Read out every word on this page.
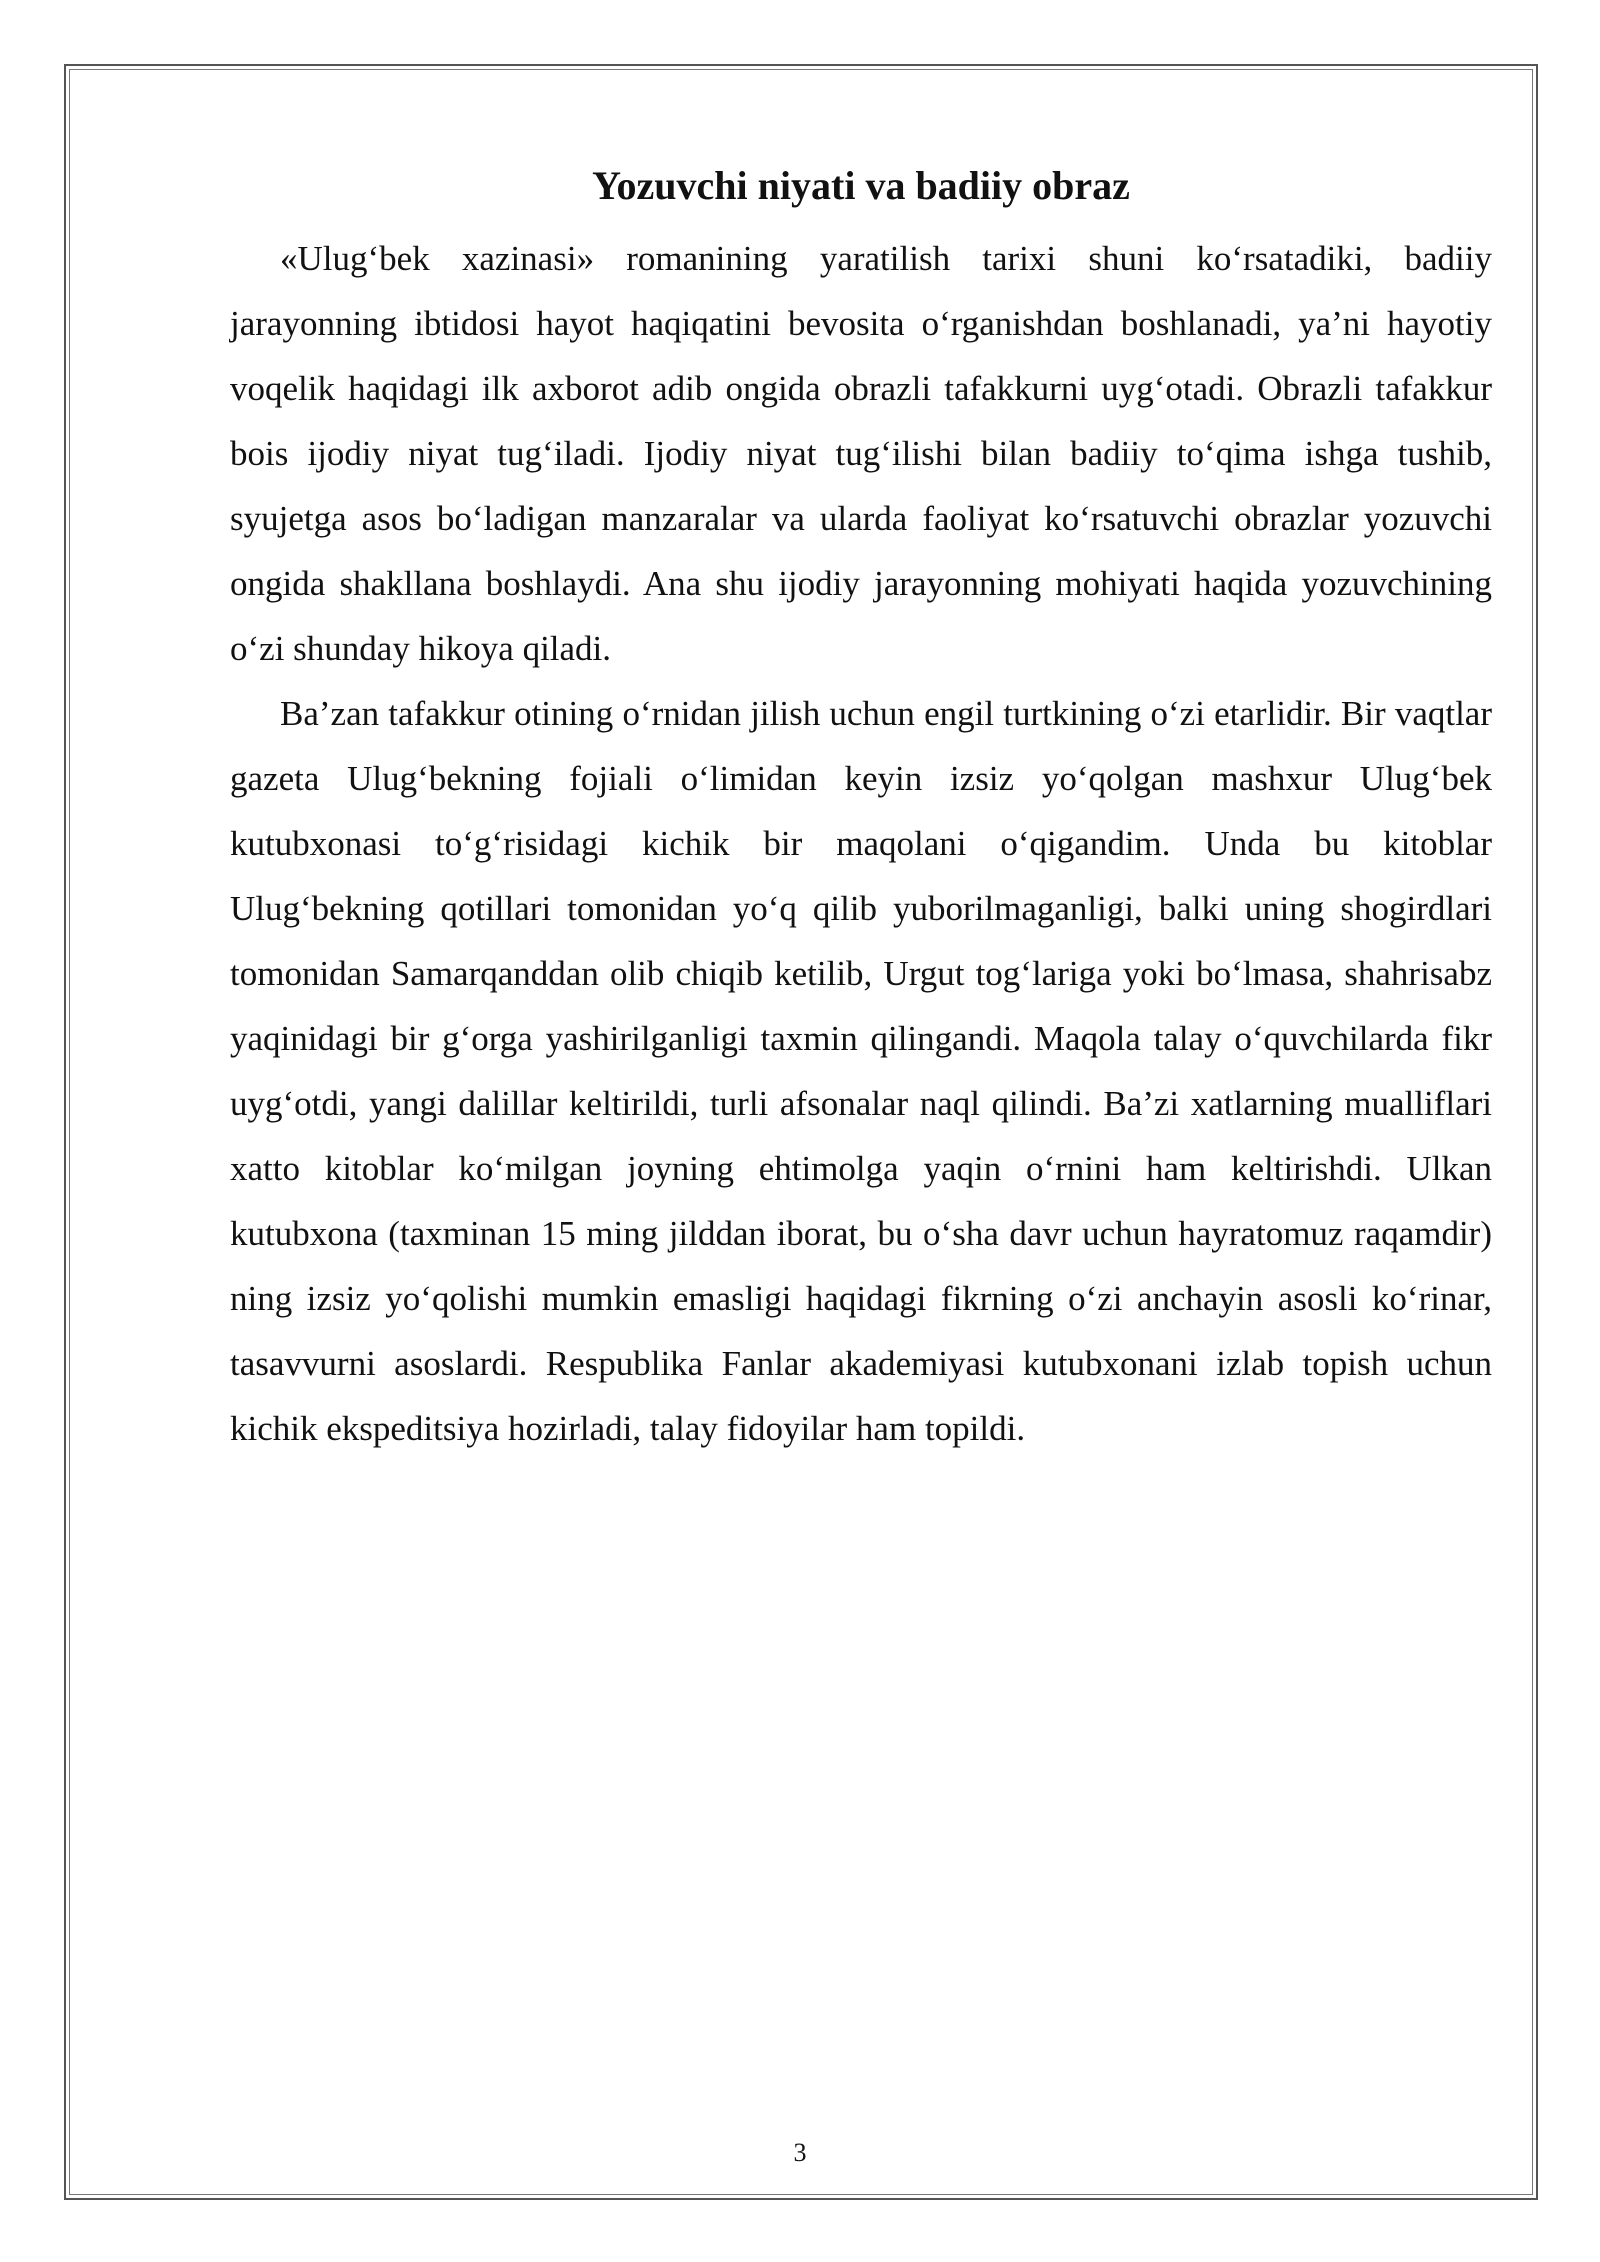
Yozuvchi niyati va badiiy obraz

«Ulug‘bek xazinasi» romanining yaratilish tarixi shuni ko‘rsatadiki, badiiy jarayonning ibtidosi hayot haqiqatini bevosita o‘rganishdan boshlanadi, ya’ni hayotiy voqelik haqidagi ilk axborot adib ongida obrazli tafakkurni uyg‘otadi. Obrazli tafakkur bois ijodiy niyat tug‘iladi. Ijodiy niyat tug‘ilishi bilan badiiy to‘qima ishga tushib, syujetga asos bo‘ladigan manzaralar va ularda faoliyat ko‘rsatuvchi obrazlar yozuvchi ongida shakllana boshlaydi. Ana shu ijodiy jarayonning mohiyati haqida yozuvchining o‘zi shunday hikoya qiladi.

Ba’zan tafakkur otining o‘rnidan jilish uchun engil turtkining o‘zi etarlidir. Bir vaqtlar gazeta Ulug‘bekning fojiali o‘limidan keyin izsiz yo‘qolgan mashxur Ulug‘bek kutubxonasi to‘g‘risidagi kichik bir maqolani o‘qigandim. Unda bu kitoblar Ulug‘bekning qotillari tomonidan yo‘q qilib yuborilmaganligi, balki uning shogirdlari tomonidan Samarqanddan olib chiqib ketilib, Urgut tog‘lariga yoki bo‘lmasa, shahrisabz yaqinidagi bir g‘orga yashirilganligi taxmin qilingandi. Maqola talay o‘quvchilarda fikr uyg‘otdi, yangi dalillar keltirildi, turli afsonalar naql qilindi. Ba’zi xatlarning mualliflari xatto kitoblar ko‘milgan joyning ehtimolga yaqin o‘rnini ham keltirishdi. Ulkan kutubxona (taxminan 15 ming jilddan iborat, bu o‘sha davr uchun hayratomuz raqamdir) ning izsiz yo‘qolishi mumkin emasligi haqidagi fikrning o‘zi anchayin asosli ko‘rinar, tasavvurni asoslardi. Respublika Fanlar akademiyasi kutubxonani izlab topish uchun kichik ekspeditsiya hozirladi, talay fidoyilar ham topildi.

3
